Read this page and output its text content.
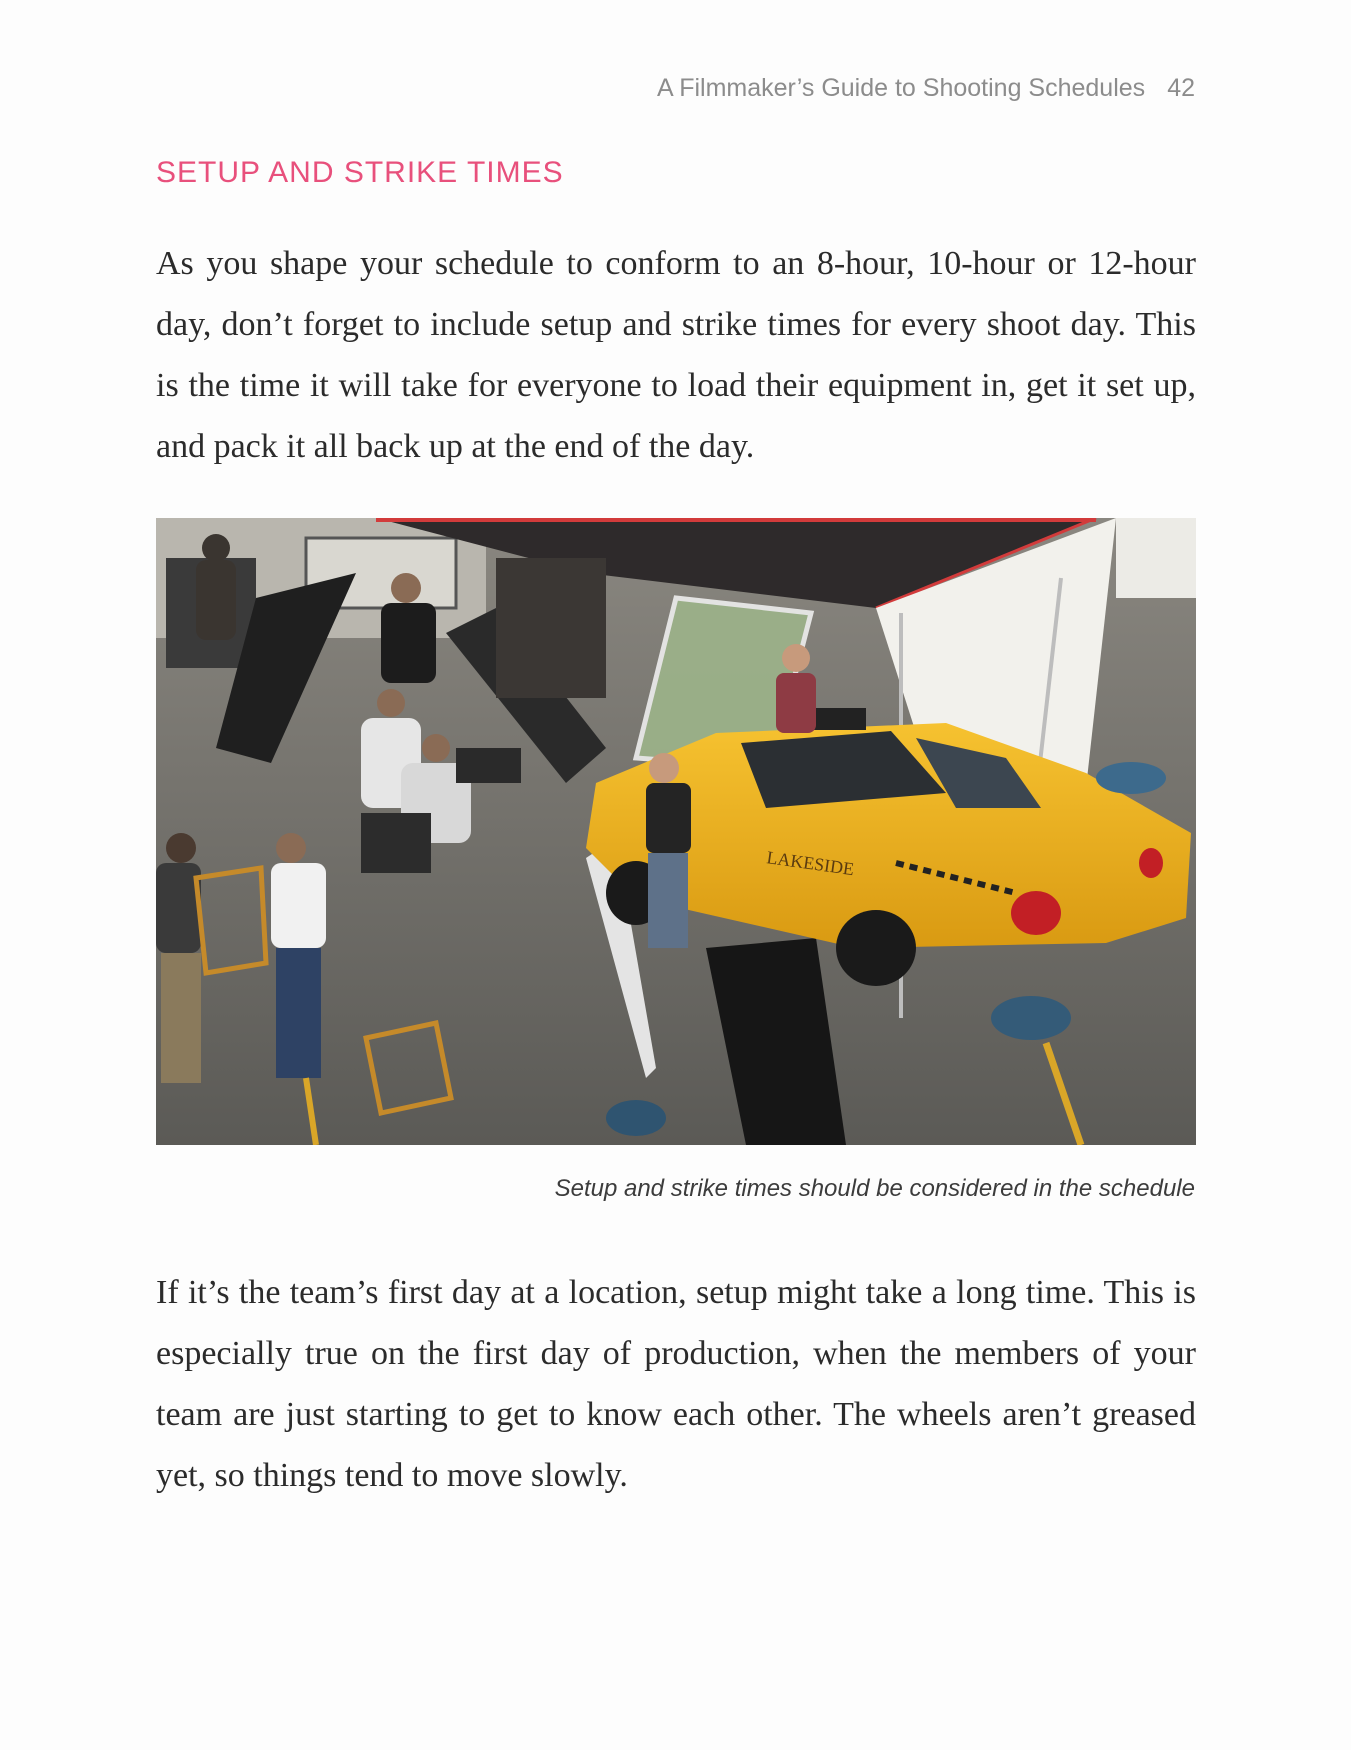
A Filmmaker’s Guide to Shooting Schedules 42
SETUP AND STRIKE TIMES

As you shape your schedule to conform to an 8-hour, 10-hour or 12-hour day, don’t forget to include setup and strike times for every shoot day. This is the time it will take for everyone to load their equipment in, get it set up, and pack it all back up at the end of the day.

LAKESIDE
Setup and strike times should be considered in the schedule

If it’s the team’s first day at a location, setup might take a long time. This is especially true on the first day of production, when the members of your team are just starting to get to know each other. The wheels aren’t greased yet, so things tend to move slowly.
